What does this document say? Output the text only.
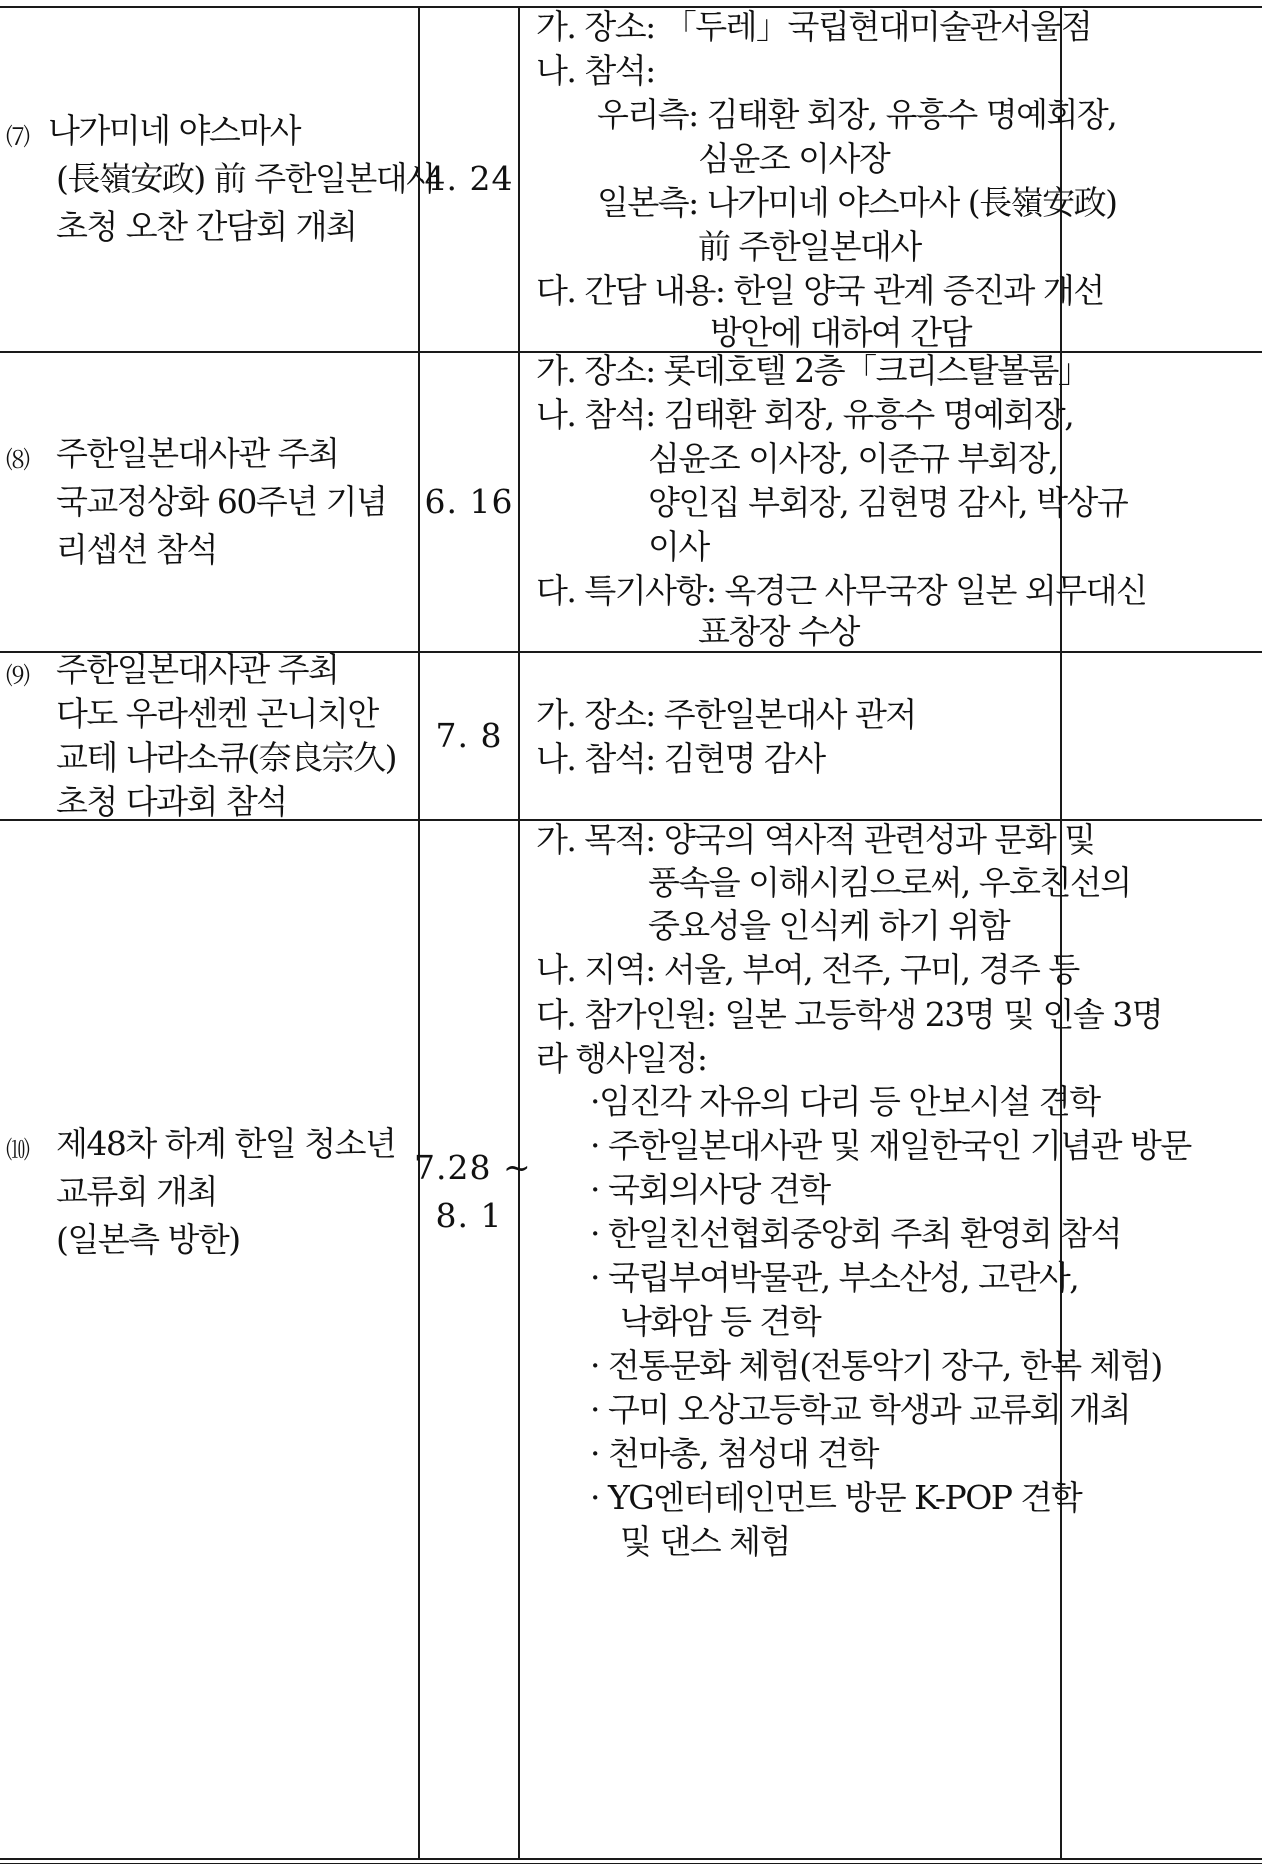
⑺ 나가미네 야스마사
(長嶺安政) 前 주한일본대사
초청 오찬 간담회 개최
4. 24
가. 장소: 「두레」국립현대미술관서울점
나. 참석:
우리측: 김태환 회장, 유흥수 명예회장,
심윤조 이사장
일본측: 나가미네 야스마사 (長嶺安政)
前 주한일본대사
다. 간담 내용: 한일 양국 관계 증진과 개선
방안에 대하여 간담
⑻ 주한일본대사관 주최
국교정상화 60주년 기념
리셉션 참석
6. 16
가. 장소: 롯데호텔 2층「크리스탈볼룸」
나. 참석: 김태환 회장, 유흥수 명예회장,
심윤조 이사장, 이준규 부회장,
양인집 부회장, 김현명 감사, 박상규
이사
다. 특기사항: 옥경근 사무국장 일본 외무대신
표창장 수상
⑼ 주한일본대사관 주최
다도 우라센켄 곤니치안
교테 나라소큐(奈良宗久)
초청 다과회 참석
7. 8
가. 장소: 주한일본대사 관저
나. 참석: 김현명 감사
⑽ 제48차 하계 한일 청소년
교류회 개최
(일본측 방한)
7.28 ~
8. 1
가. 목적: 양국의 역사적 관련성과 문화 및
풍속을 이해시킴으로써, 우호친선의
중요성을 인식케 하기 위함
나. 지역: 서울, 부여, 전주, 구미, 경주 등
다. 참가인원: 일본 고등학생 23명 및 인솔 3명
라 행사일정:
·임진각 자유의 다리 등 안보시설 견학
· 주한일본대사관 및 재일한국인 기념관 방문
· 국회의사당 견학
· 한일친선협회중앙회 주최 환영회 참석
· 국립부여박물관, 부소산성, 고란사,
낙화암 등 견학
· 전통문화 체험(전통악기 장구, 한복 체험)
· 구미 오상고등학교 학생과 교류회 개최
· 천마총, 첨성대 견학
· YG엔터테인먼트 방문 K-POP 견학
및 댄스 체험
